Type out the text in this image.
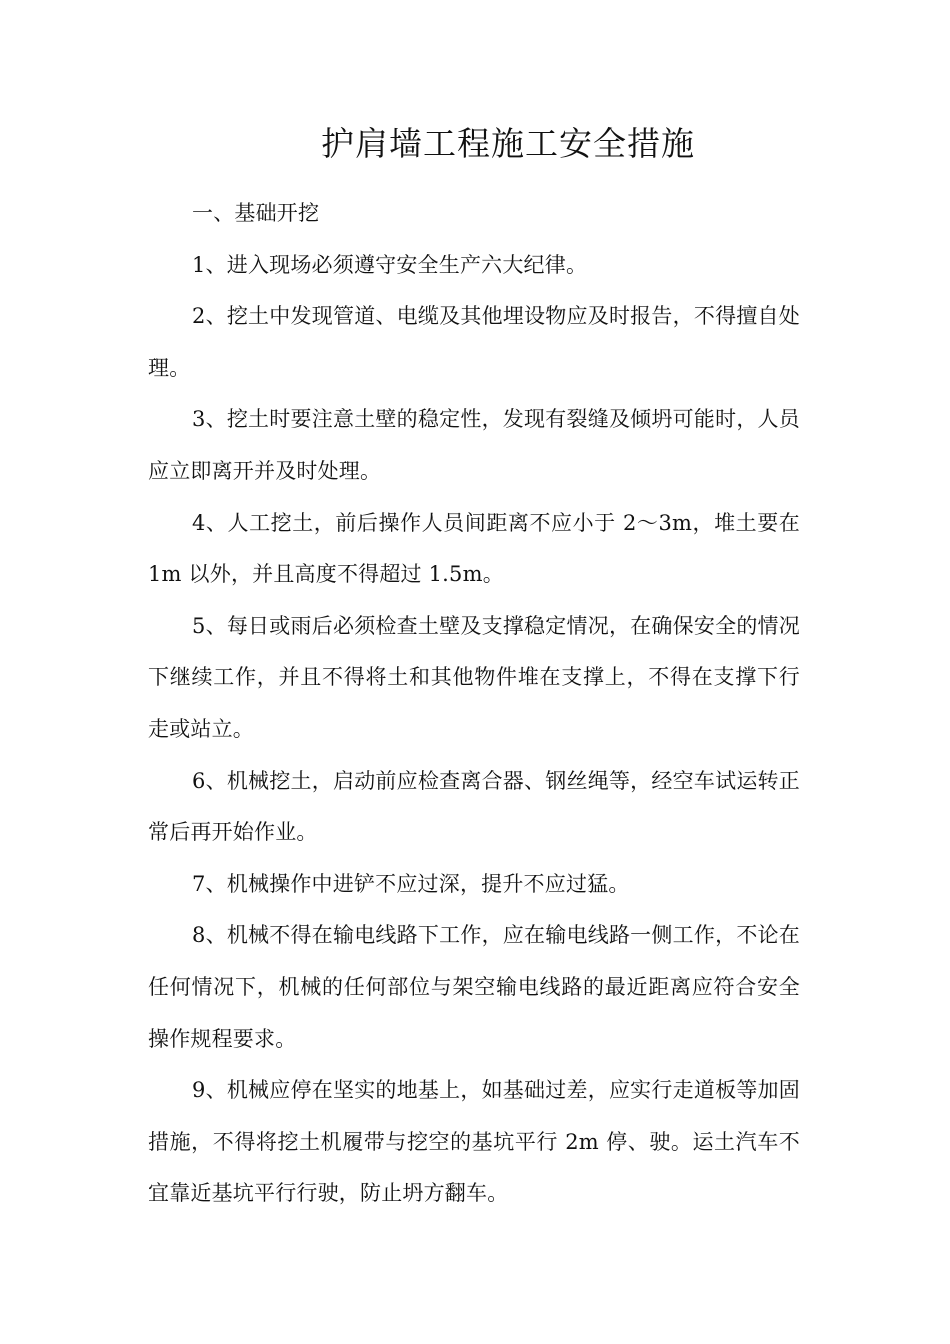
护肩墙工程施工安全措施

一、基础开挖

1、进入现场必须遵守安全生产六大纪律。

2、挖土中发现管道、电缆及其他埋设物应及时报告，不得擅自处理。

3、挖土时要注意土壁的稳定性，发现有裂缝及倾坍可能时，人员应立即离开并及时处理。

4、人工挖土，前后操作人员间距离不应小于 2～3m，堆土要在 1m 以外，并且高度不得超过 1.5m。

5、每日或雨后必须检查土壁及支撑稳定情况，在确保安全的情况下继续工作，并且不得将土和其他物件堆在支撑上，不得在支撑下行走或站立。

6、机械挖土，启动前应检查离合器、钢丝绳等，经空车试运转正常后再开始作业。

7、机械操作中进铲不应过深，提升不应过猛。

8、机械不得在输电线路下工作，应在输电线路一侧工作，不论在任何情况下，机械的任何部位与架空输电线路的最近距离应符合安全操作规程要求。

9、机械应停在坚实的地基上，如基础过差，应实行走道板等加固措施，不得将挖土机履带与挖空的基坑平行 2m 停、驶。运土汽车不宜靠近基坑平行行驶，防止坍方翻车。
